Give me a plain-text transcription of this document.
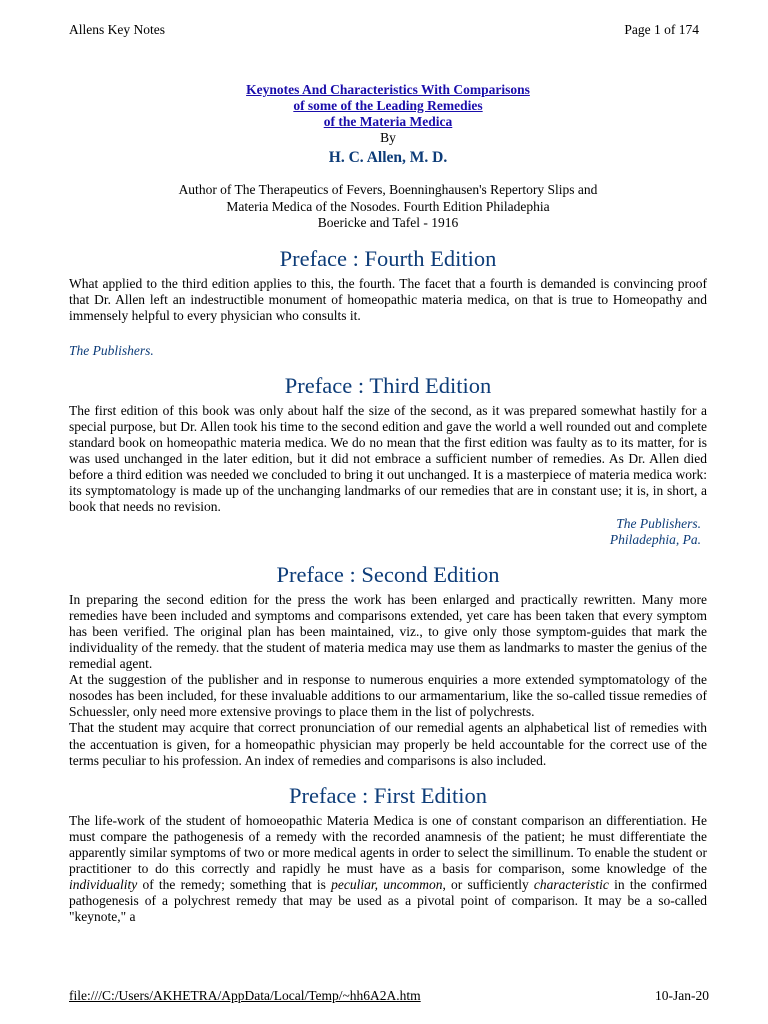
Allens Key Notes	Page 1 of 174
Keynotes And Characteristics With Comparisons
of some of the Leading Remedies
of the Materia Medica
By
H. C. Allen, M. D.
Author of The Therapeutics of Fevers, Boenninghausen's Repertory Slips and
Materia Medica of the Nosodes. Fourth Edition Philadephia
Boericke and Tafel - 1916
Preface : Fourth Edition

What applied to the third edition applies to this, the fourth. The facet that a fourth is demanded is convincing proof that Dr. Allen left an indestructible monument of homeopathic materia medica, on that is true to Homeopathy and immensely helpful to every physician who consults it.

The Publishers.
Preface : Third Edition

The first edition of this book was only about half the size of the second, as it was prepared somewhat hastily for a special purpose, but Dr. Allen took his time to the second edition and gave the world a well rounded out and complete standard book on homeopathic materia medica. We do no mean that the first edition was faulty as to its matter, for is was used unchanged in the later edition, but it did not embrace a sufficient number of remedies. As Dr. Allen died before a third edition was needed we concluded to bring it out unchanged. It is a masterpiece of materia medica work: its symptomatology is made up of the unchanging landmarks of our remedies that are in constant use; it is, in short, a book that needs no revision.

The Publishers.
Philadephia, Pa.
Preface : Second Edition

In preparing the second edition for the press the work has been enlarged and practically rewritten. Many more remedies have been included and symptoms and comparisons extended, yet care has been taken that every symptom has been verified. The original plan has been maintained, viz., to give only those symptom-guides that mark the individuality of the remedy. that the student of materia medica may use them as landmarks to master the genius of the remedial agent.

At the suggestion of the publisher and in response to numerous enquiries a more extended symptomatology of the nosodes has been included, for these invaluable additions to our armamentarium, like the so-called tissue remedies of Schuessler, only need more extensive provings to place them in the list of polychrests.

That the student may acquire that correct pronunciation of our remedial agents an alphabetical list of remedies with the accentuation is given, for a homeopathic physician may properly be held accountable for the correct use of the terms peculiar to his profession. An index of remedies and comparisons is also included.

Preface : First Edition

The life-work of the student of homoeopathic Materia Medica is one of constant comparison an differentiation. He must compare the pathogenesis of a remedy with the recorded anamnesis of the patient; he must differentiate the apparently similar symptoms of two or more medical agents in order to select the simillinum. To enable the student or practitioner to do this correctly and rapidly he must have as a basis for comparison, some knowledge of the individuality of the remedy; something that is peculiar, uncommon, or sufficiently characteristic in the confirmed pathogenesis of a polychrest remedy that may be used as a pivotal point of comparison. It may be a so-called "keynote," a

file:///C:/Users/AKHETRA/AppData/Local/Temp/~hh6A2A.htm	10-Jan-20
